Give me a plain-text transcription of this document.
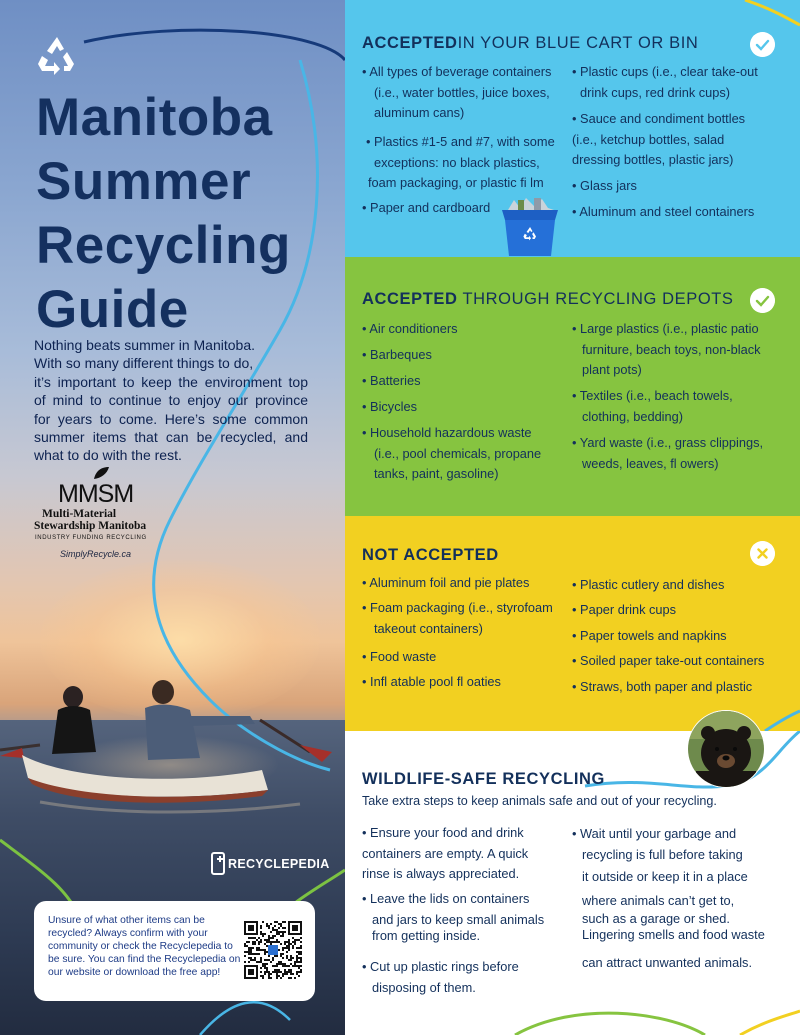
Manitoba
Summer
Recycling
Guide
Nothing beats summer in Manitoba.
With so many different things to do,
it’s important to keep the environment top
of mind to continue to enjoy our province
for years to come. Here’s some common
summer items that can be recycled, and
what to do with the rest.
MMSM
Multi-Material
Stewardship Manitoba
INDUSTRY FUNDING RECYCLING
SimplyRecycle.ca
RECYCLEPEDIA
Unsure of what other items can be
recycled? Always confirm with your
community or check the Recyclepedia to
be sure. You can find the Recyclepedia on
our website or download the free app!
ACCEPTEDIN YOUR BLUE CART OR BIN
• All types of beverage containers
(i.e., water bottles, juice boxes,
aluminum cans)
• Plastics #1-5 and #7, with some
exceptions: no black plastics,
foam packaging, or plastic fi lm
• Paper and cardboard
• Plastic cups (i.e., clear take-out
drink cups, red drink cups)
• Sauce and condiment bottles
(i.e., ketchup bottles, salad
dressing bottles, plastic jars)
• Glass jars
• Aluminum and steel containers
ACCEPTED THROUGH RECYCLING DEPOTS
• Air conditioners
• Barbeques
• Batteries
• Bicycles
• Household hazardous waste
(i.e., pool chemicals, propane
tanks, paint, gasoline)
• Large plastics (i.e., plastic patio
furniture, beach toys, non-black
plant pots)
• Textiles (i.e., beach towels,
clothing, bedding)
• Yard waste (i.e., grass clippings,
weeds, leaves, fl owers)
NOT ACCEPTED
• Aluminum foil and pie plates
• Foam packaging (i.e., styrofoam
takeout containers)
• Food waste
• Infl atable pool fl oaties
• Plastic cutlery and dishes
• Paper drink cups
• Paper towels and napkins
• Soiled paper take-out containers
• Straws, both paper and plastic
WILDLIFE-SAFE RECYCLING
Take extra steps to keep animals safe and out of your recycling.
• Ensure your food and drink
containers are empty. A quick
rinse is always appreciated.
• Leave the lids on containers
and jars to keep small animals
from getting inside.
• Cut up plastic rings before
disposing of them.
• Wait until your garbage and
recycling is full before taking
it outside or keep it in a place
where animals can’t get to,
such as a garage or shed.
Lingering smells and food waste
can attract unwanted animals.
